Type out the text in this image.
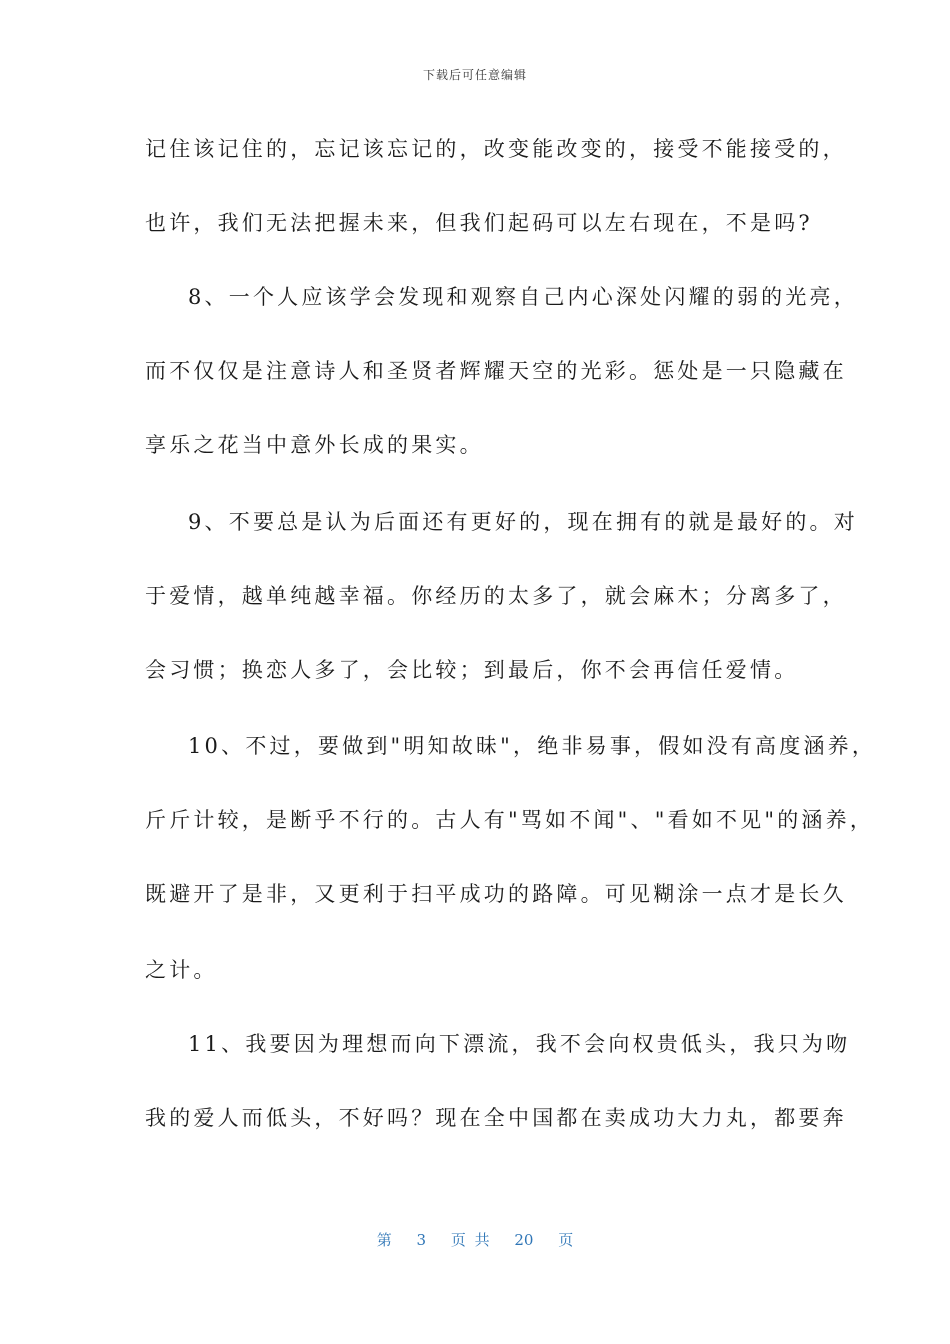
下载后可任意编辑
记住该记住的，忘记该忘记的，改变能改变的，接受不能接受的，
也许，我们无法把握未来，但我们起码可以左右现在，不是吗?
8、一个人应该学会发现和观察自己内心深处闪耀的弱的光亮，
而不仅仅是注意诗人和圣贤者辉耀天空的光彩。惩处是一只隐藏在
享乐之花当中意外长成的果实。
9、不要总是认为后面还有更好的，现在拥有的就是最好的。对
于爱情，越单纯越幸福。你经历的太多了，就会麻木；分离多了，
会习惯；换恋人多了，会比较；到最后，你不会再信任爱情。
10、不过，要做到"明知故昧"，绝非易事，假如没有高度涵养，
斤斤计较，是断乎不行的。古人有"骂如不闻"、"看如不见"的涵养，
既避开了是非，又更利于扫平成功的路障。可见糊涂一点才是长久
之计。
11、我要因为理想而向下漂流，我不会向权贵低头，我只为吻
我的爱人而低头，不好吗？现在全中国都在卖成功大力丸，都要奔
第 3 页 共 20 页
